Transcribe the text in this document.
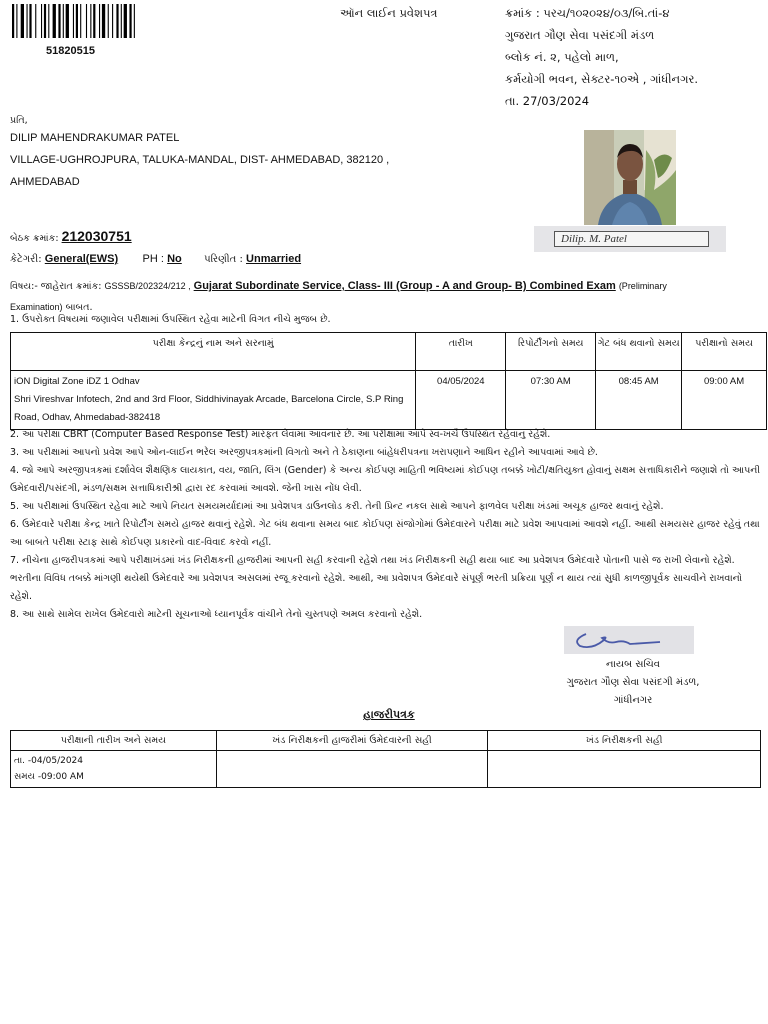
51820515
ઑન લાઈન પ્રવેશપત્ર	ક્રમાંક : પરચ/૧૦૨૦૨૪/૦૩/બિ.તાં-૪
ગુજરાત ગૌણ સેવા પસંદગી મંડળ
બ્લોક નં. ૨, પહેલો માળ,
કર્મયોગી ભવન, સેક્ટર-૧૦એ , ગાંધીનગર.
તા. 27/03/2024
પ્રતિ,
DILIP MAHENDRAKUMAR PATEL
VILLAGE-UGHROJPURA, TALUKA-MANDAL, DIST- AHMEDABAD, 382120 ,
AHMEDABAD
Dilip. M. Patel
બેઠક ક્રમાંક: 212030751
કેટેગરી: General(EWS) PH : No પરિણીત : Unmarried
વિષય:- જાહેરાત ક્રમાંક: GSSSB/202324/212 , Gujarat Subordinate Service, Class- III (Group - A and Group- B) Combined Exam (Preliminary
Examination) બાબત.
1. ઉપરોક્ત વિષયમાં જણાવેલ પરીક્ષામાં ઉપસ્થિત રહેવા માટેની વિગત નીચે મુજબ છે.
પરીક્ષા કેન્દ્રનું નામ અને સરનામું	તારીખ	રિપોર્ટીંગનો સમય	ગેટ બંધ થવાનો સમય	પરીક્ષાનો સમય

iON Digital Zone iDZ 1 Odhav
Shri Vireshvar Infotech, 2nd and 3rd Floor, Siddhivinayak Arcade, Barcelona Circle, S.P Ring Road, Odhav, Ahmedabad-382418	04/05/2024	07:30 AM	08:45 AM	09:00 AM

2. આ પરીક્ષા CBRT (Computer Based Response Test) મારફત લેવામાં આવનાર છે. આ પરીક્ષામાં આપે સ્વ-ખર્ચે ઉપસ્થિત રહેવાનું રહેશે.

3. આ પરીક્ષામાં આપનો પ્રવેશ આપે ઓન-લાઈન ભરેલ અરજીપત્રકમાંની વિગતો અને તે ઠેકાણના બાંહેધરીપત્રના ખરાપણાને આધિન રહીને આપવામાં આવે છે.

4. જો આપે અરજીપત્રકમાં દર્શાવેલ શૈક્ષણિક લાયકાત, વય, જાતિ, લિંગ (Gender) કે અન્ય કોઈપણ માહિતી ભવિષ્યમાં કોઈપણ તબક્કે ખોટી/ક્ષતિયુક્ત હોવાનું સક્ષમ સત્તાધિકારીને જણાશે તો આપની ઉમેદવારી/પસંદગી, મંડળ/સક્ષમ સત્તાધિકારીશ્રી દ્વારા રદ કરવામાં આવશે. જેની ખાસ નોંધ લેવી.

5. આ પરીક્ષામાં ઉપસ્થિત રહેવા માટે આપે નિયત સમયમર્યાદામાં આ પ્રવેશપત્ર ડાઉનલોડ કરી. તેની પ્રિન્ટ નકલ સાથે આપને ફાળવેલ પરીક્ષા ખંડમાં અચૂક હાજર થવાનું રહેશે.

6. ઉમેદવારે પરીક્ષા કેન્દ્ર ખાતે રિપોર્ટીંગ સમયે હાજર થવાનું રહેશે. ગેટ બંધ થવાના સમય બાદ કોઈપણ સંજોગોમાં ઉમેદવારને પરીક્ષા માટે પ્રવેશ આપવામાં આવશે નહીં. આથી સમયસર હાજર રહેવું તથા આ બાબતે પરીક્ષા સ્ટાફ સાથે કોઈપણ પ્રકારનો વાદ-વિવાદ કરવો નહીં.

7. નીચેના હાજરીપત્રકમાં આપે પરીક્ષાખંડમાં ખંડ નિરીક્ષકની હાજરીમાં આપની સહી કરવાની રહેશે તથા ખંડ નિરીક્ષકની સહી થયા બાદ આ પ્રવેશપત્ર ઉમેદવારે પોતાની પાસે જ રાખી લેવાનો રહેશે. ભરતીના વિવિધ તબક્કે માંગણી થયેથી ઉમેદવારે આ પ્રવેશપત્ર અસલમાં રજૂ કરવાનો રહેશે. આથી, આ પ્રવેશપત્ર ઉમેદવારે સંપૂર્ણ ભરતી પ્રક્રિયા પૂર્ણ ન થાય ત્યાં સુધી કાળજીપૂર્વક સાચવીને રાખવાનો રહેશે.

8. આ સાથે સામેલ રાખેલ ઉમેદવારો માટેની સૂચનાઓ ધ્યાનપૂર્વક વાંચીને તેનો ચુસ્તપણે અમલ કરવાનો રહેશે.

નાયબ સચિવ
ગુજરાત ગૌણ સેવા પસંદગી મંડળ,
ગાંધીનગર
હાજરીપત્રક
પરીક્ષાની તારીખ અને સમય	ખંડ નિરીક્ષકની હાજરીમાં ઉમેદવારની સહી	ખંડ નિરીક્ષકની સહી

તા. -04/05/2024
સમય -09:00 AM		
